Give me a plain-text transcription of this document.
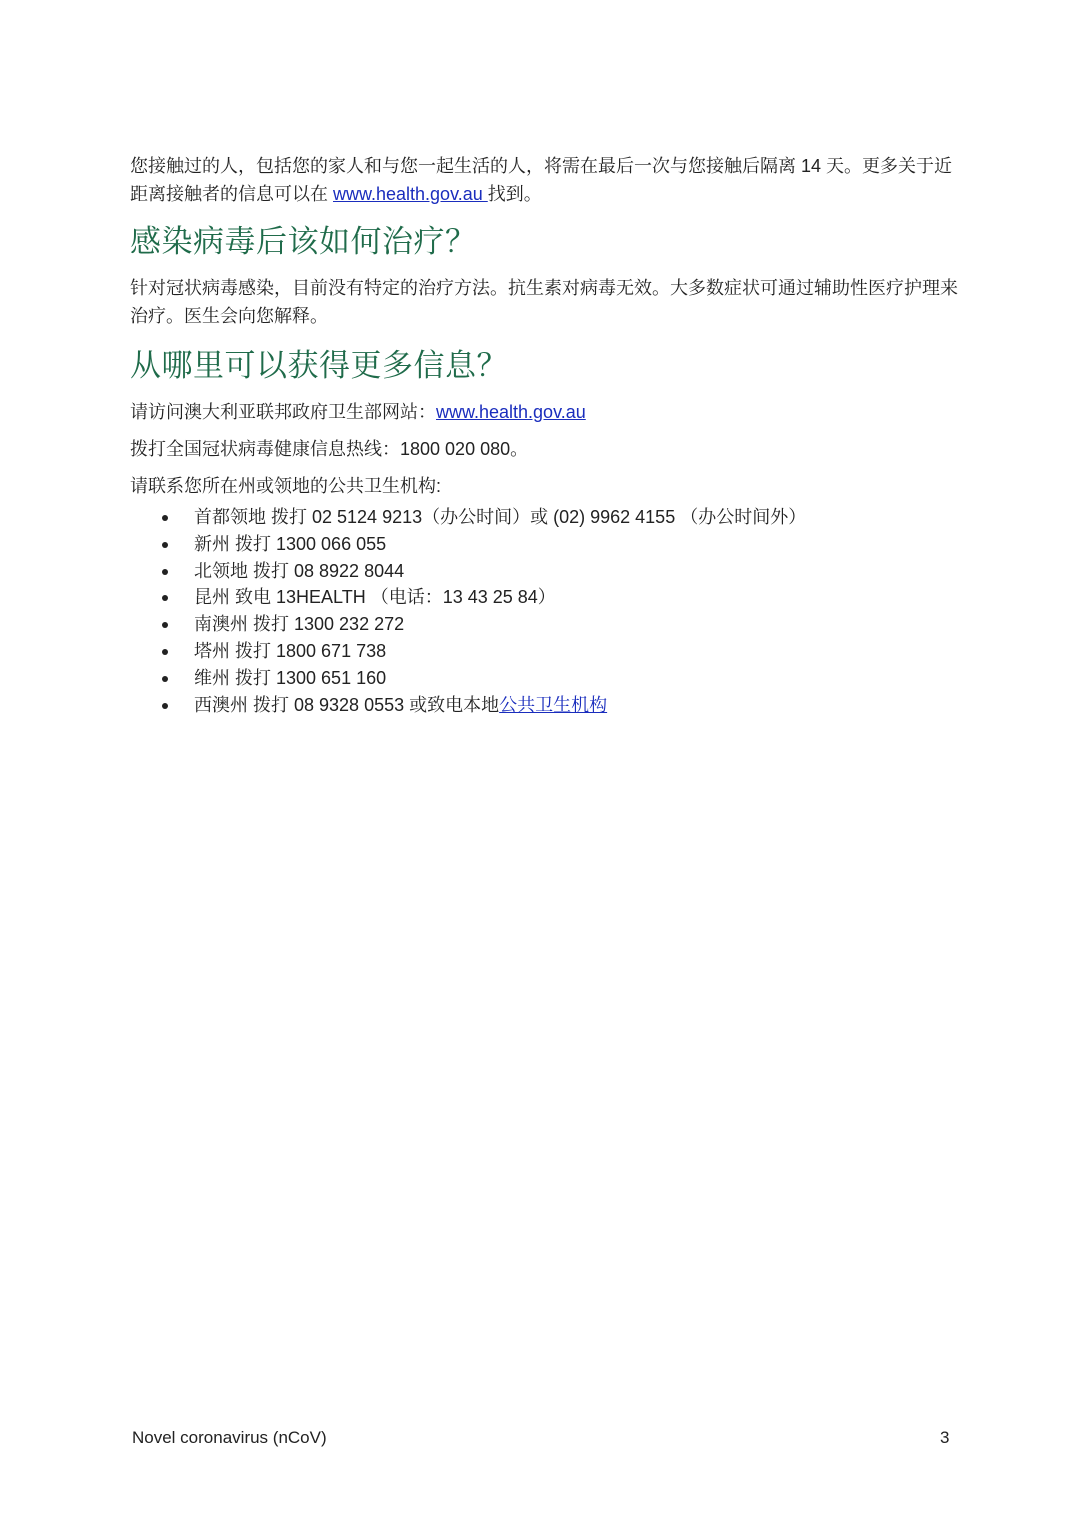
您接触过的人，包括您的家人和与您一起生活的人，将需在最后一次与您接触后隔离 14 天。更多关于近距离接触者的信息可以在 www.health.gov.au 找到。

感染病毒后该如何治疗？

针对冠状病毒感染，目前没有特定的治疗方法。抗生素对病毒无效。大多数症状可通过辅助性医疗护理来治疗。医生会向您解释。

从哪里可以获得更多信息？

请访问澳大利亚联邦政府卫生部网站：www.health.gov.au

拨打全国冠状病毒健康信息热线：1800 020 080。

请联系您所在州或领地的公共卫生机构:

首都领地 拨打 02 5124 9213（办公时间）或 (02) 9962 4155 （办公时间外）
新州 拨打 1300 066 055
北领地 拨打 08 8922 8044
昆州 致电 13HEALTH （电话：13 43 25 84）
南澳州 拨打 1300 232 272
塔州 拨打 1800 671 738
维州 拨打 1300 651 160
西澳州 拨打 08 9328 0553 或致电本地公共卫生机构
Novel coronavirus (nCoV)	3
